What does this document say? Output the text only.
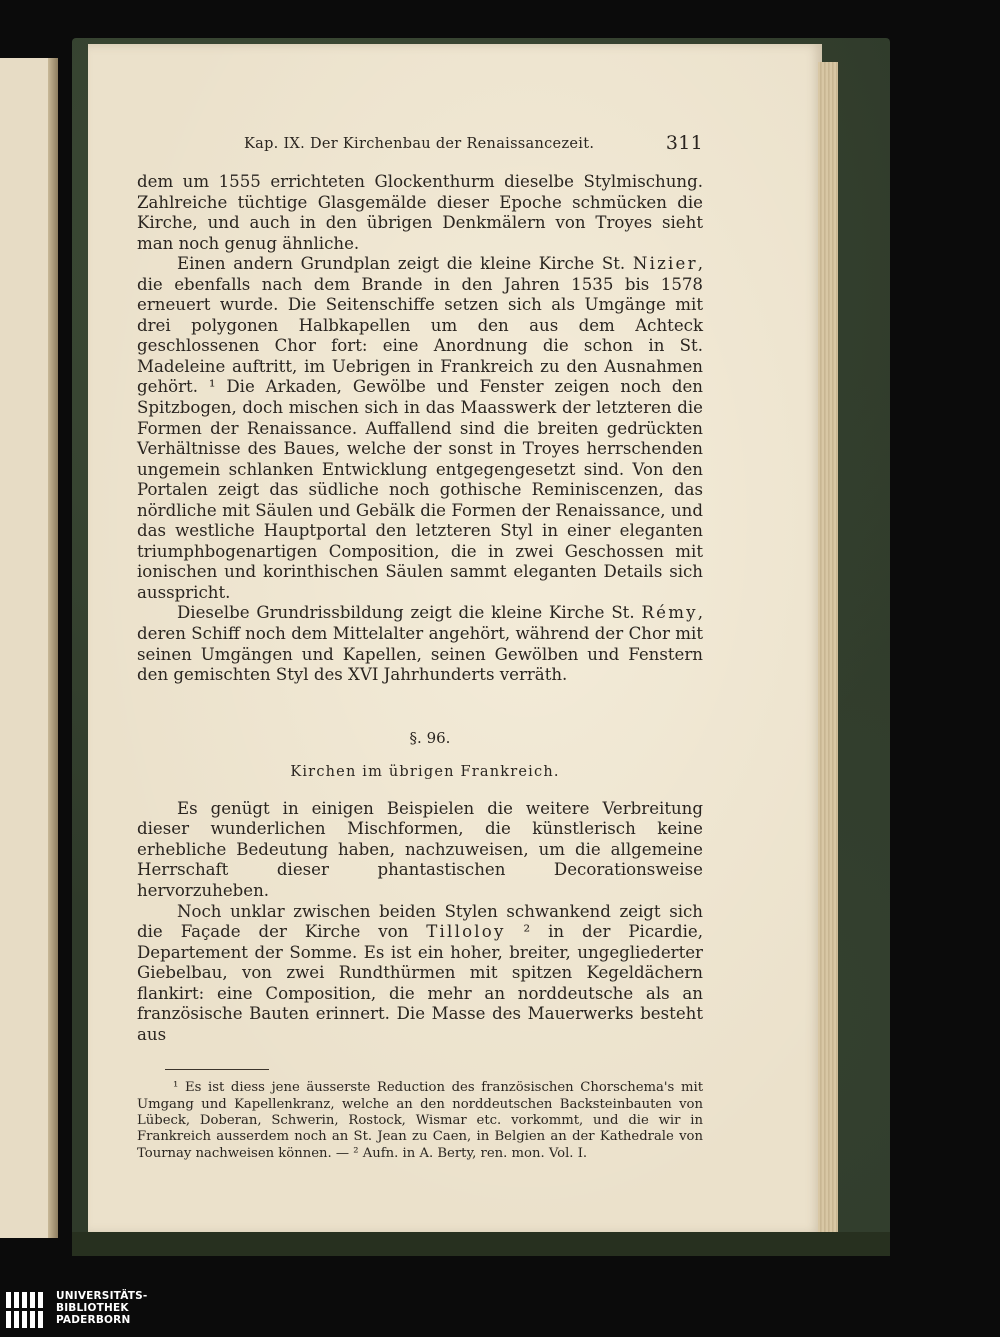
Kap. IX. Der Kirchenbau der Renaissancezeit.	311

dem um 1555 errichteten Glockenthurm dieselbe Stylmischung. Zahlreiche tüchtige Glasgemälde dieser Epoche schmücken die Kirche, und auch in den übrigen Denkmälern von Troyes sieht man noch genug ähnliche.

Einen andern Grundplan zeigt die kleine Kirche St. Nizier, die ebenfalls nach dem Brande in den Jahren 1535 bis 1578 erneuert wurde. Die Seitenschiffe setzen sich als Umgänge mit drei polygonen Halbkapellen um den aus dem Achteck geschlossenen Chor fort: eine Anordnung die schon in St. Madeleine auftritt, im Uebrigen in Frankreich zu den Ausnahmen gehört. ¹ Die Arkaden, Gewölbe und Fenster zeigen noch den Spitzbogen, doch mischen sich in das Maasswerk der letzteren die Formen der Renaissance. Auffallend sind die breiten gedrückten Verhältnisse des Baues, welche der sonst in Troyes herrschenden ungemein schlanken Entwicklung entgegengesetzt sind. Von den Portalen zeigt das südliche noch gothische Reminiscenzen, das nördliche mit Säulen und Gebälk die Formen der Renaissance, und das westliche Hauptportal den letzteren Styl in einer eleganten triumphbogenartigen Composition, die in zwei Geschossen mit ionischen und korinthischen Säulen sammt eleganten Details sich ausspricht.

Dieselbe Grundrissbildung zeigt die kleine Kirche St. Rémy, deren Schiff noch dem Mittelalter angehört, während der Chor mit seinen Umgängen und Kapellen, seinen Gewölben und Fenstern den gemischten Styl des XVI Jahrhunderts verräth.

§. 96.
Kirchen im übrigen Frankreich.

Es genügt in einigen Beispielen die weitere Verbreitung dieser wunderlichen Mischformen, die künstlerisch keine erhebliche Bedeutung haben, nachzuweisen, um die allgemeine Herrschaft dieser phantastischen Decorationsweise hervorzuheben.

Noch unklar zwischen beiden Stylen schwankend zeigt sich die Façade der Kirche von Tilloloy ² in der Picardie, Departement der Somme. Es ist ein hoher, breiter, ungegliederter Giebelbau, von zwei Rundthürmen mit spitzen Kegeldächern flankirt: eine Composition, die mehr an norddeutsche als an französische Bauten erinnert. Die Masse des Mauerwerks besteht aus

¹ Es ist diess jene äusserste Reduction des französischen Chorschema's mit Umgang und Kapellenkranz, welche an den norddeutschen Backsteinbauten von Lübeck, Doberan, Schwerin, Rostock, Wismar etc. vorkommt, und die wir in Frankreich ausserdem noch an St. Jean zu Caen, in Belgien an der Kathedrale von Tournay nachweisen können. — ² Aufn. in A. Berty, ren. mon. Vol. I.

UNIVERSITÄTS-
BIBLIOTHEK
PADERBORN
